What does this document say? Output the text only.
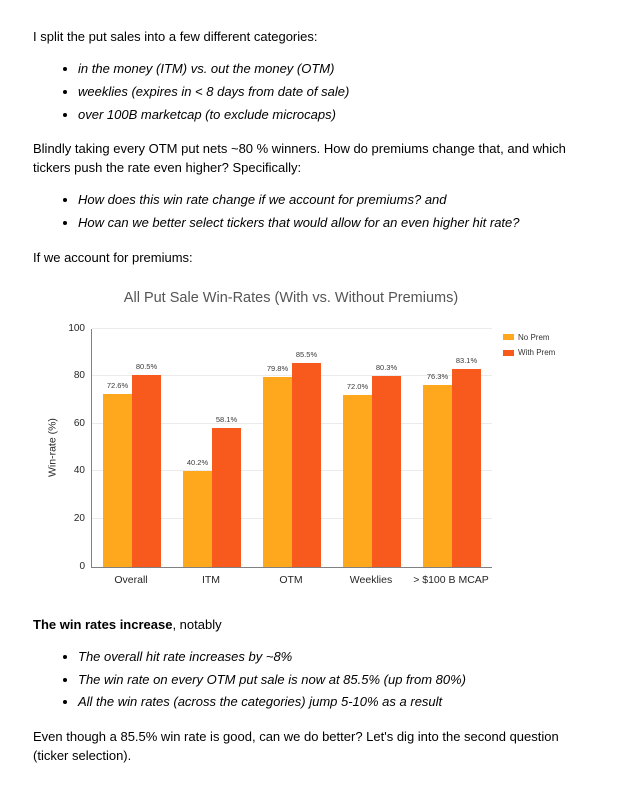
I split the put sales into a few different categories:

• in the money (ITM) vs. out the money (OTM)
• weeklies (expires in < 8 days from date of sale)
• over 100B marketcap (to exclude microcaps)

Blindly taking every OTM put nets ~80 % winners. How do premiums change that, and which tickers push the rate even higher? Specifically:

• How does this win rate change if we account for premiums? and
• How can we better select tickers that would allow for an even higher hit rate?

If we account for premiums:

All Put Sale Win-Rates (With vs. Without Premiums)
Win-rate (%)
0
20
40
60
80
100
72.6%
80.5%
40.2%
58.1%
79.8%
85.5%
72.0%
80.3%
76.3%
83.1%
Overall	ITM	OTM	Weeklies	> $100 B MCAP
No Prem
With Prem

The win rates increase, notably

• The overall hit rate increases by ~8%
• The win rate on every OTM put sale is now at 85.5% (up from 80%)
• All the win rates (across the categories) jump 5-10% as a result

Even though a 85.5% win rate is good, can we do better? Let's dig into the second question (ticker selection).
